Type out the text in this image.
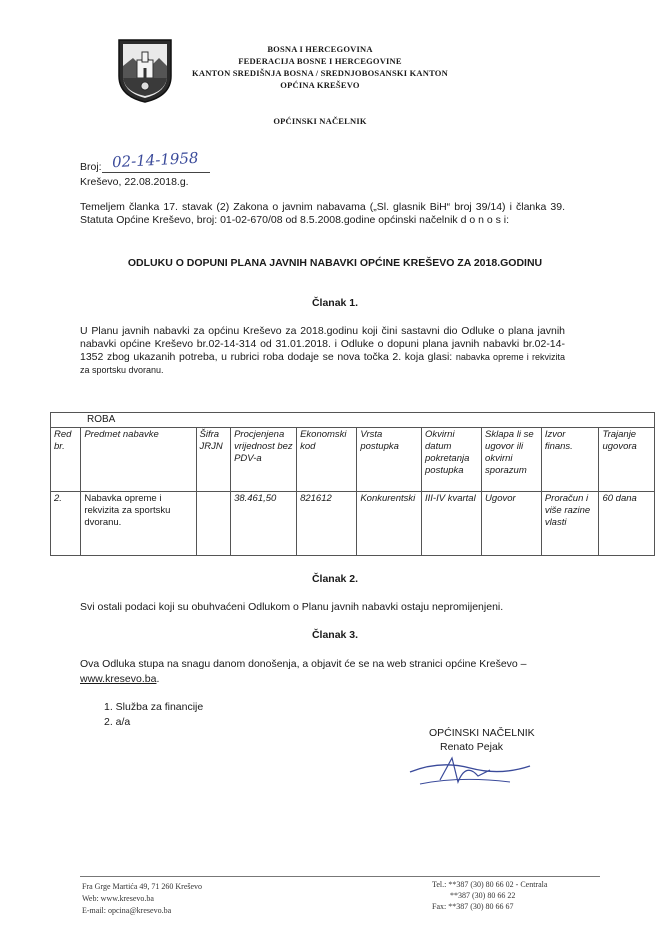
BOSNA I HERCEGOVINA
FEDERACIJA BOSNE I HERCEGOVINE
KANTON SREDIŠNJA BOSNA / SREDNJOBOSANSKI KANTON
OPĆINA KREŠEVO
OPĆINSKI NAČELNIK
Broj: 02-14-1958
Kreševo, 22.08.2018.g.
Temeljem članka 17. stavak (2) Zakona o javnim nabavama („Sl. glasnik BiH“ broj 39/14) i članka 39. Statuta Općine Kreševo, broj: 01-02-670/08 od 8.5.2008.godine općinski načelnik d o n o s i:
ODLUKU O DOPUNI PLANA JAVNIH NABAVKI OPĆINE KREŠEVO ZA 2018.GODINU
Članak 1.
U Planu javnih nabavki za općinu Kreševo za 2018.godinu koji čini sastavni dio Odluke o plana javnih nabavki općine Kreševo br.02-14-314 od 31.01.2018. i Odluke o dopuni plana javnih nabavki br.02-14-1352 zbog ukazanih potreba, u rubrici roba dodaje se nova točka 2. koja glasi: nabavka opreme i rekvizita za sportsku dvoranu.
ROBA									
Red br.	Predmet nabavke	Šifra JRJN	Procjenjena vrijednost bez PDV-a	Ekonomski kod	Vrsta postupka	Okvirni datum pokretanja postupka	Sklapa li se ugovor ili okvirni sporazum	Izvor finans.	Trajanje ugovora
2.	Nabavka opreme i rekvizita za sportsku dvoranu.		38.461,50	821612	Konkurentski	III-IV kvartal	Ugovor	Proračun i više razine vlasti	60 dana
Članak 2.
Svi ostali podaci koji su obuhvaćeni Odlukom o Planu javnih nabavki ostaju nepromijenjeni.
Članak 3.
Ova Odluka stupa na snagu danom donošenja, a objavit će se na web stranici općine Kreševo –
www.kresevo.ba.
1. Služba za financije
2. a/a
OPĆINSKI NAČELNIK
Renato Pejak
Fra Grge Martića 49, 71 260 Kreševo
Web: www.kresevo.ba
E-mail: opcina@kresevo.ba
Tel.: **387 (30) 80 66 02 - Centrala
**387 (30) 80 66 22
Fax: **387 (30) 80 66 67
